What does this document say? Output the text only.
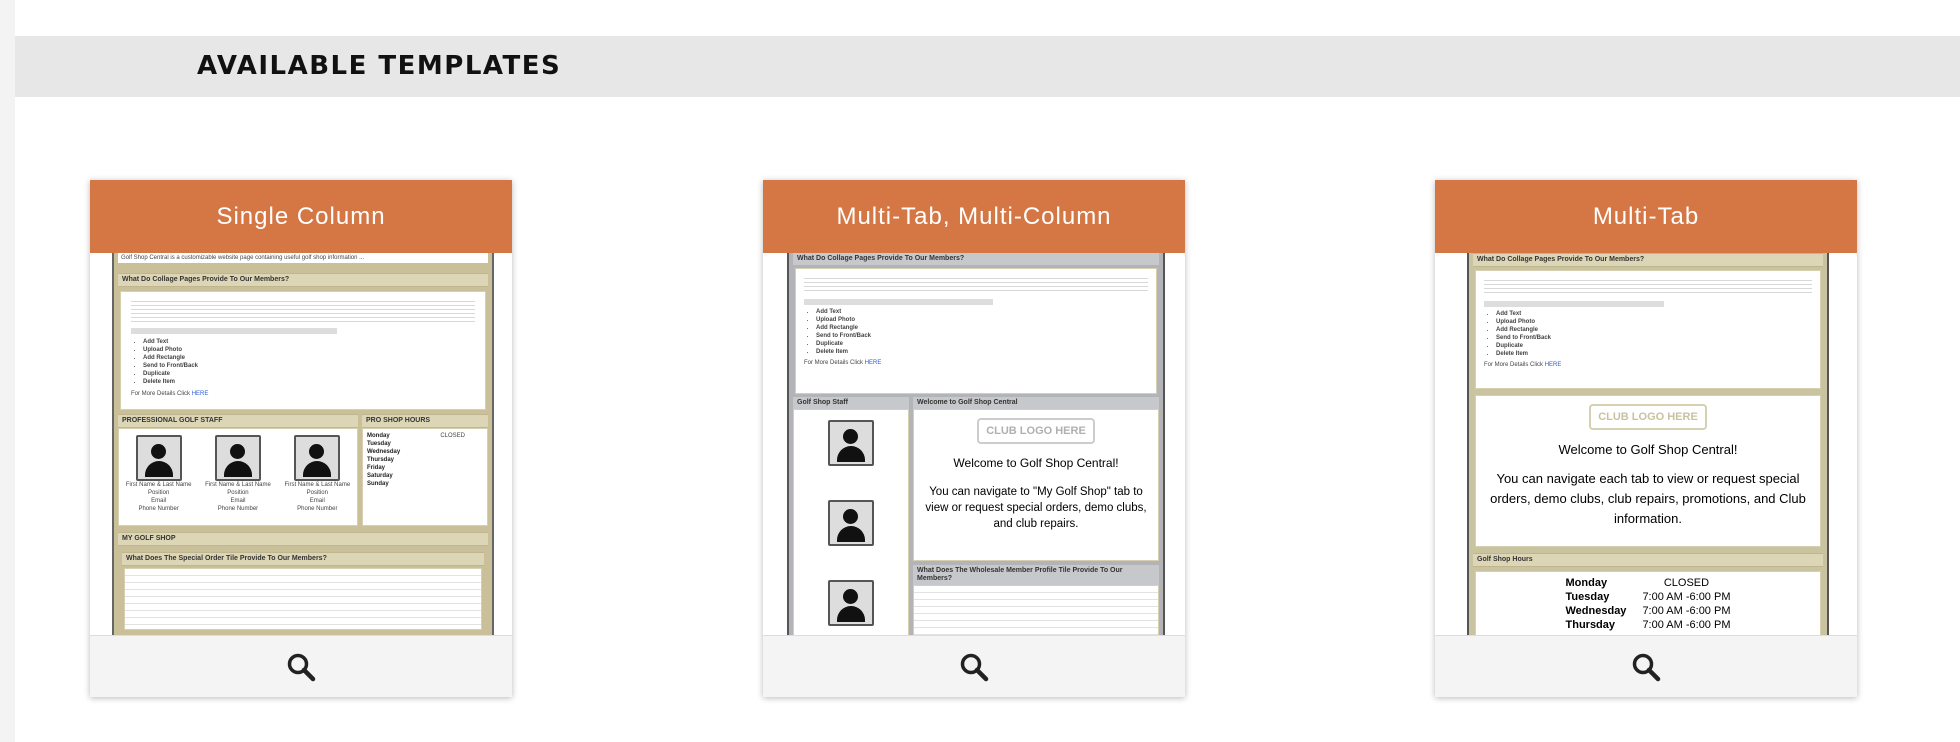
AVAILABLE TEMPLATES
Single Column
Golf Shop Central is a customizable website page containing useful golf shop information ...
What Do Collage Pages Provide To Our Members?
• Add Text
• Upload Photo
• Add Rectangle
• Send to Front/Back
• Duplicate
• Delete Item
For More Details Click HERE
PROFESSIONAL GOLF STAFF
First Name & Last Name
Position
Email
Phone Number
First Name & Last Name
Position
Email
Phone Number
First Name & Last Name
Position
Email
Phone Number
PRO SHOP HOURS
Monday	CLOSED
Tuesday
Wednesday
Thursday
Friday
Saturday
Sunday
MY GOLF SHOP
What Does The Special Order Tile Provide To Our Members?
Multi-Tab, Multi-Column
What Do Collage Pages Provide To Our Members?
• Add Text
• Upload Photo
• Add Rectangle
• Send to Front/Back
• Duplicate
• Delete Item
For More Details Click HERE
Golf Shop Staff	Welcome to Golf Shop Central
CLUB LOGO HERE
Welcome to Golf Shop Central!
You can navigate to "My Golf Shop" tab to view or request special orders, demo clubs, and club repairs.
What Does The Wholesale Member Profile Tile Provide To Our Members?
Multi-Tab
What Do Collage Pages Provide To Our Members?
• Add Text
• Upload Photo
• Add Rectangle
• Send to Front/Back
• Duplicate
• Delete Item
For More Details Click HERE
CLUB LOGO HERE
Welcome to Golf Shop Central!
You can navigate each tab to view or request special orders, demo clubs, club repairs, promotions, and Club information.
Golf Shop Hours
Monday	CLOSED
Tuesday	7:00 AM -6:00 PM
Wednesday	7:00 AM -6:00 PM
Thursday	7:00 AM -6:00 PM
